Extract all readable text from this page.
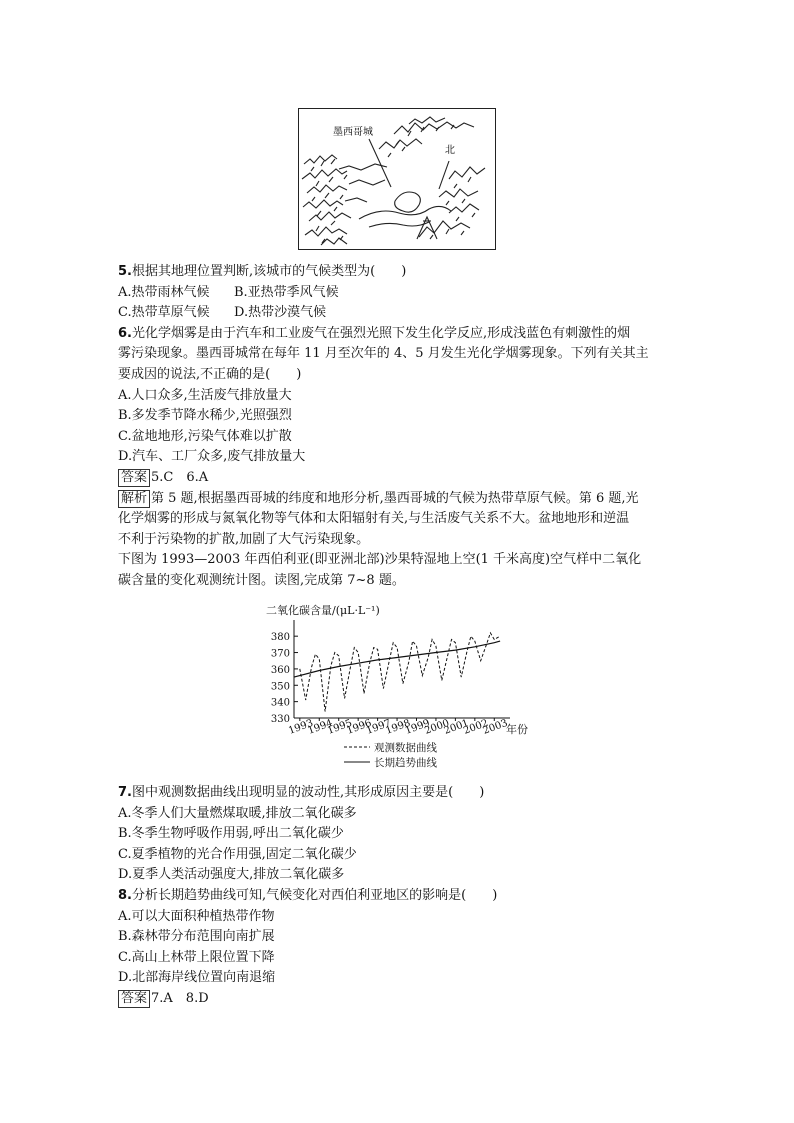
墨西哥城
北
5.根据其地理位置判断,该城市的气候类型为(　　)
A.热带雨林气候 B.亚热带季风气候
C.热带草原气候 D.热带沙漠气候
6.光化学烟雾是由于汽车和工业废气在强烈光照下发生化学反应,形成浅蓝色有刺激性的烟
雾污染现象。墨西哥城常在每年 11 月至次年的 4、5 月发生光化学烟雾现象。下列有关其主
要成因的说法,不正确的是(　　)
A.人口众多,生活废气排放量大
B.多发季节降水稀少,光照强烈
C.盆地地形,污染气体难以扩散
D.汽车、工厂众多,废气排放量大
答案 5.C　6.A
解析 第 5 题,根据墨西哥城的纬度和地形分析,墨西哥城的气候为热带草原气候。第 6 题,光
化学烟雾的形成与氮氧化物等气体和太阳辐射有关,与生活废气关系不大。盆地地形和逆温
不利于污染物的扩散,加剧了大气污染现象。
下图为 1993—2003 年西伯利亚(即亚洲北部)沙果特湿地上空(1 千米高度)空气样中二氧化
碳含量的变化观测统计图。读图,完成第 7~8 题。
二氧化碳含量/(μL·L⁻¹)
330
340
350
360
370
380
1993
1994
1995
1996
1997
1998
1999
2000
2001
2002
2003
年份
观测数据曲线
长期趋势曲线
7.图中观测数据曲线出现明显的波动性,其形成原因主要是(　　)
A.冬季人们大量燃煤取暖,排放二氧化碳多
B.冬季生物呼吸作用弱,呼出二氧化碳少
C.夏季植物的光合作用强,固定二氧化碳少
D.夏季人类活动强度大,排放二氧化碳多
8.分析长期趋势曲线可知,气候变化对西伯利亚地区的影响是(　　)
A.可以大面积种植热带作物
B.森林带分布范围向南扩展
C.高山上林带上限位置下降
D.北部海岸线位置向南退缩
答案 7.A　8.D
